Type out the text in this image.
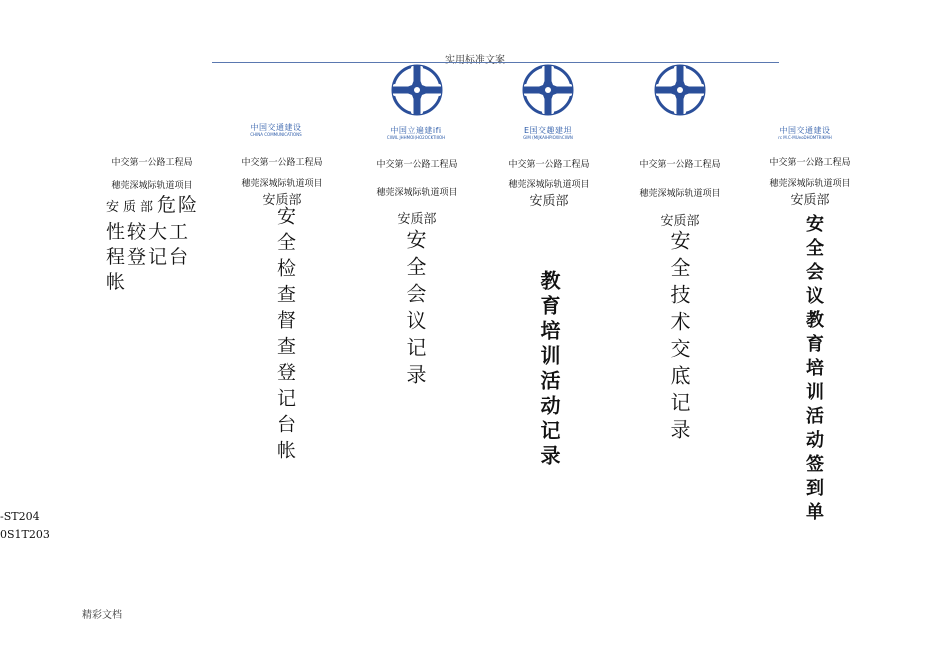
实用标准文案
中国交通建设
CHINA COMMUNICATIONS	中国立遍建ifi
CIWIL JHHMOI(HO2OCKTIIIOH
E国交趣建坦
GIM (MIJKAIHPIOXIhCIWN
中国交通建设
rc M.C-MUeoDHOMTRIKMH
中交第一公路工程局
穗莞深城际轨道项目
安质部危险性较大工程登记台帐
中交第一公路工程局
穗莞深城际轨道项目
安质部
安全检查督查登记台帐
中交第一公路工程局
穗莞深城际轨道项目
安质部
安全会议记录
中交第一公路工程局
穗莞深城际轨道项目
安质部
教育培训活动记录
中交第一公路工程局
穗莞深城际轨道项目
安质部
安全技术交底记录
中交第一公路工程局
穗莞深城际轨道项目
安质部
安全会议教育培训活动签到单
-ST204
0S1T203
精彩文档
